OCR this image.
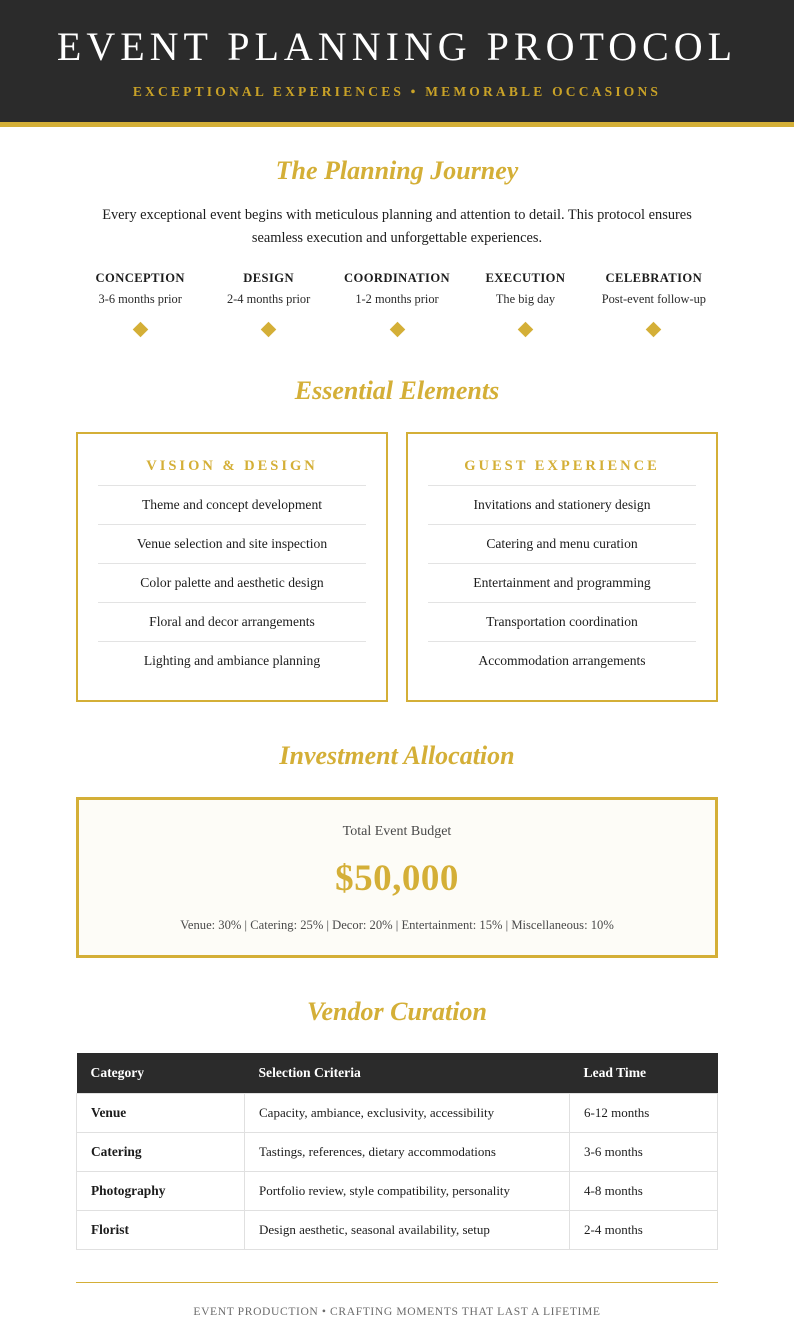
EVENT PLANNING PROTOCOL

EXCEPTIONAL EXPERIENCES • MEMORABLE OCCASIONS

The Planning Journey

Every exceptional event begins with meticulous planning and attention to detail. This protocol ensures seamless execution and unforgettable experiences.

CONCEPTION
3-6 months prior
DESIGN
2-4 months prior
COORDINATION
1-2 months prior
EXECUTION
The big day
CELEBRATION
Post-event follow-up
Essential Elements
VISION & DESIGN
Theme and concept development
Venue selection and site inspection
Color palette and aesthetic design
Floral and decor arrangements
Lighting and ambiance planning
GUEST EXPERIENCE
Invitations and stationery design
Catering and menu curation
Entertainment and programming
Transportation coordination
Accommodation arrangements
Investment Allocation
Total Event Budget
$50,000
Venue: 30% | Catering: 25% | Decor: 20% | Entertainment: 15% | Miscellaneous: 10%
Vendor Curation
Category	Selection Criteria	Lead Time
Venue	Capacity, ambiance, exclusivity, accessibility	6-12 months
Catering	Tastings, references, dietary accommodations	3-6 months
Photography	Portfolio review, style compatibility, personality	4-8 months
Florist	Design aesthetic, seasonal availability, setup	2-4 months
EVENT PRODUCTION • CRAFTING MOMENTS THAT LAST A LIFETIME
